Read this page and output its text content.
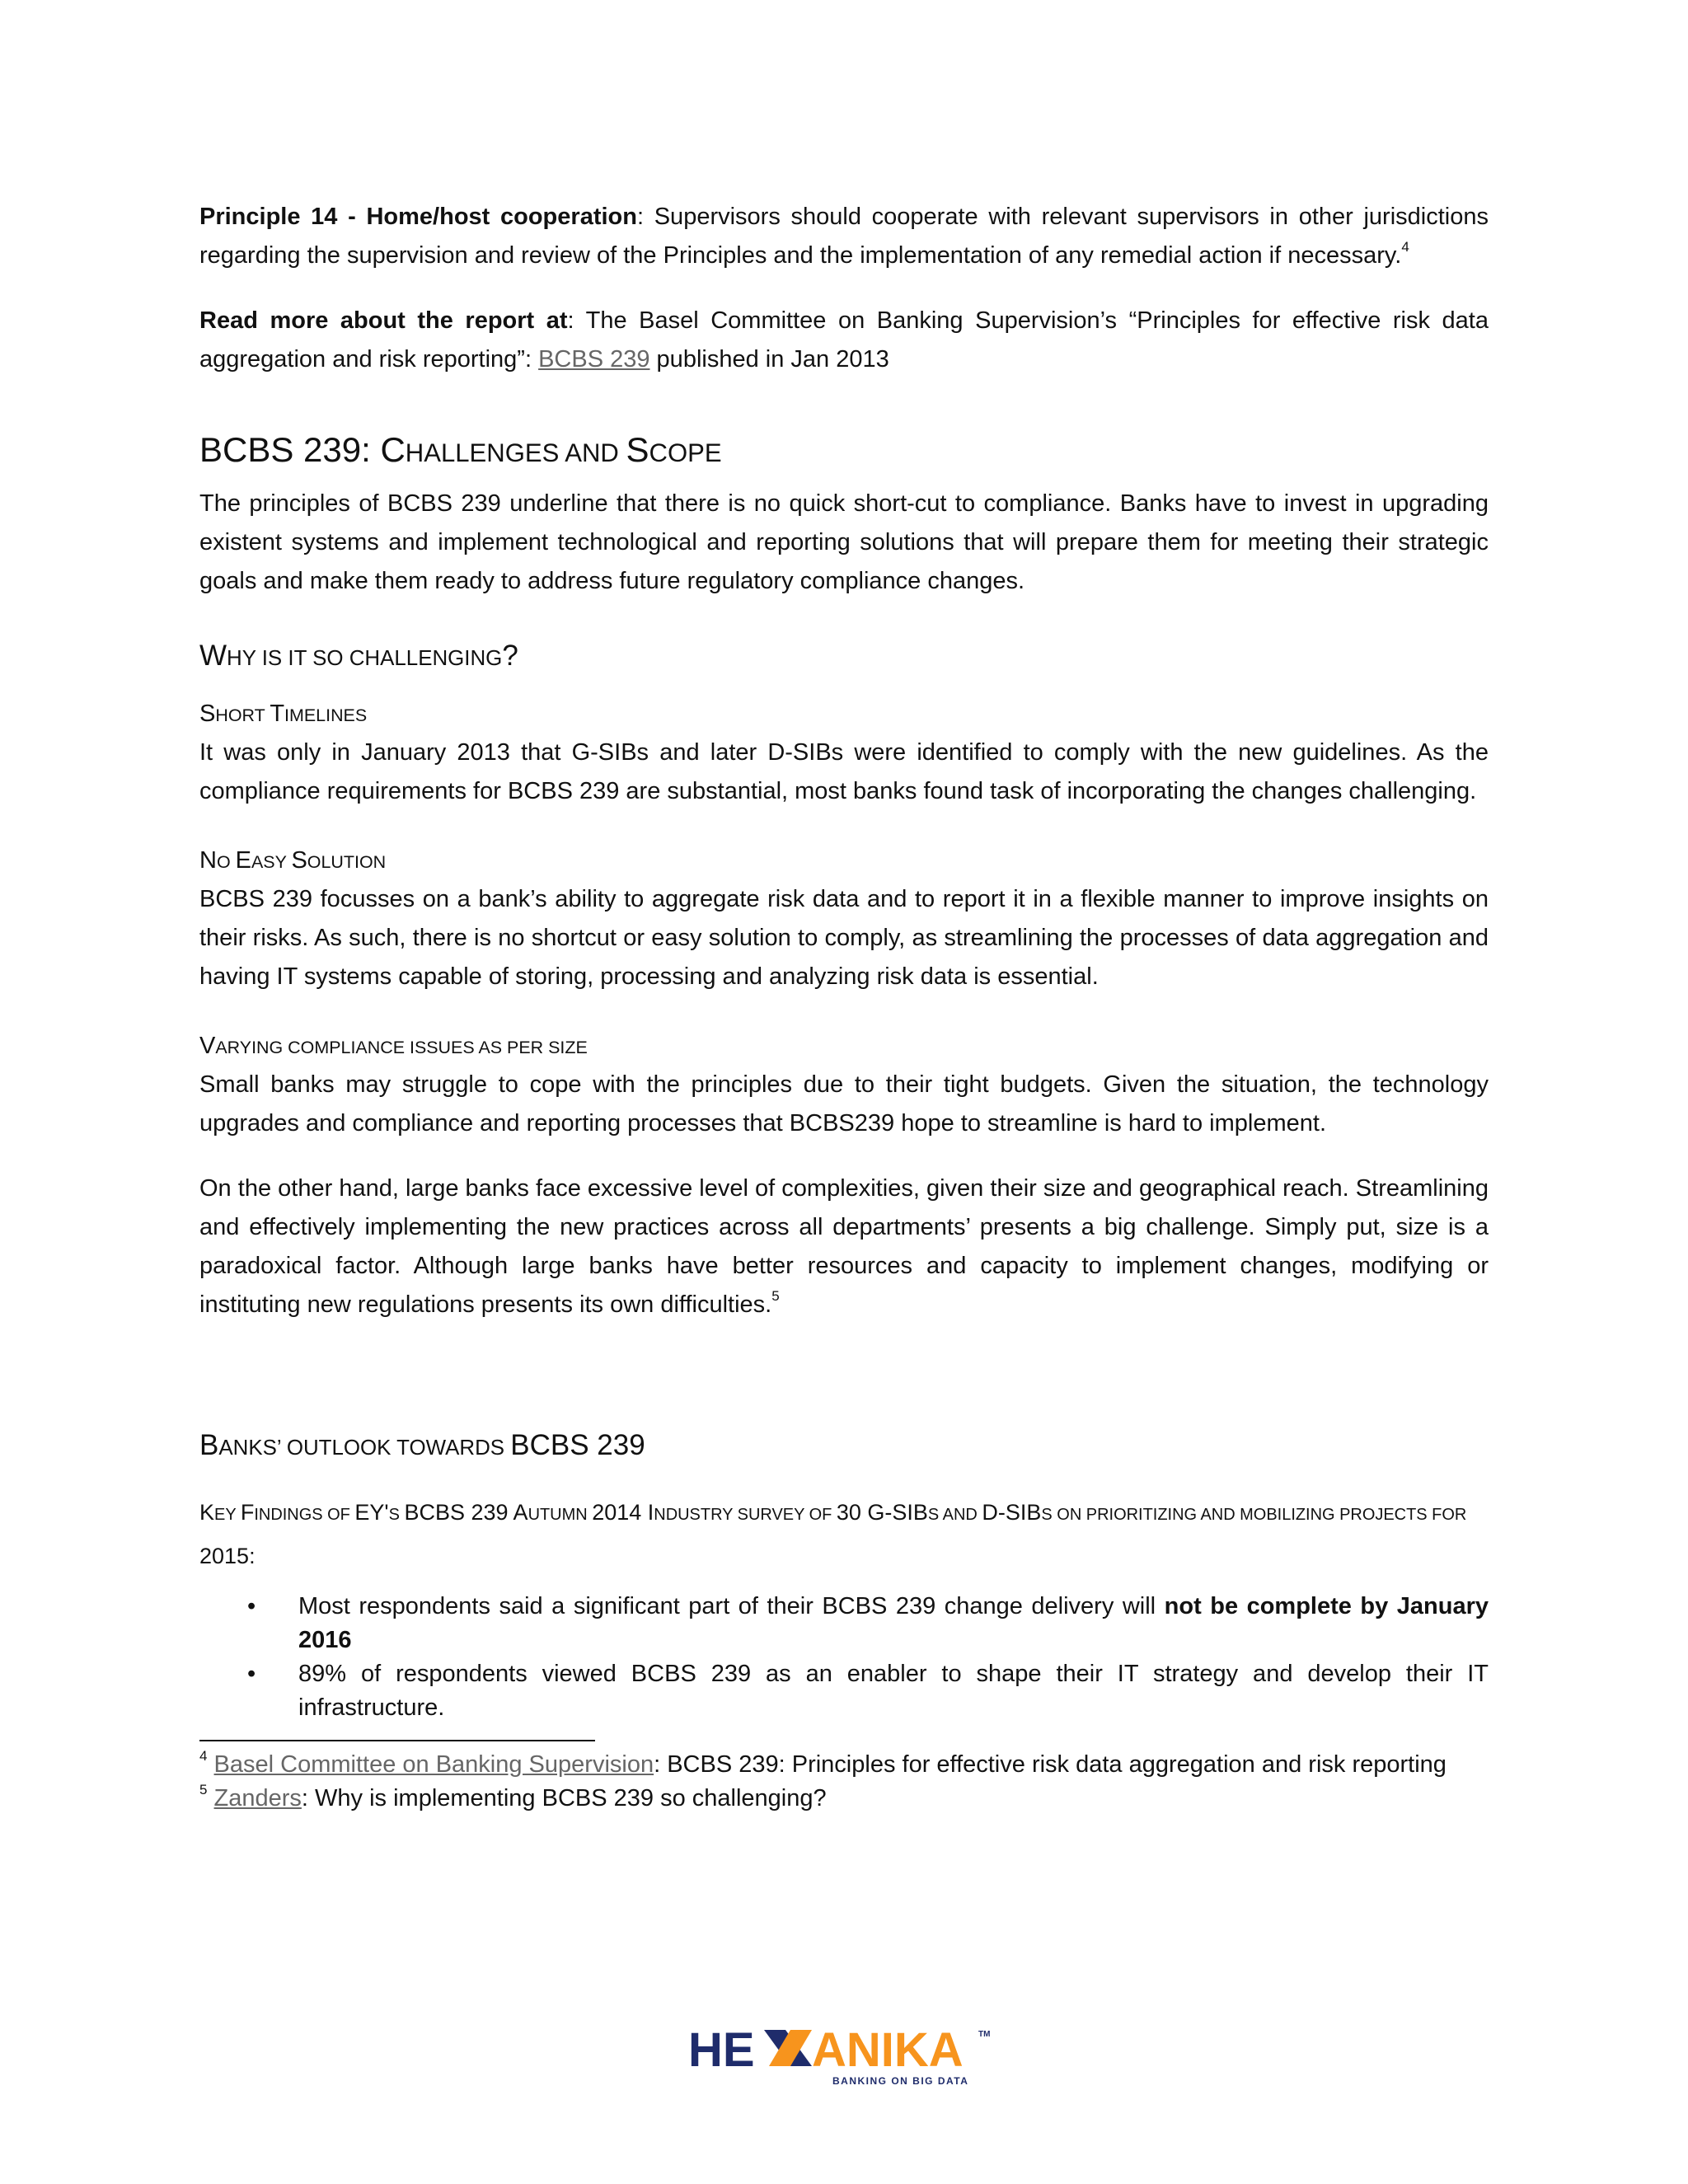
Principle 14 - Home/host cooperation: Supervisors should cooperate with relevant supervisors in other jurisdictions regarding the supervision and review of the Principles and the implementation of any remedial action if necessary.$^4$

Read more about the report at: The Basel Committee on Banking Supervision’s “Principles for effective risk data aggregation and risk reporting”: BCBS 239 published in Jan 2013

BCBS 239: CHALLENGES AND SCOPE

The principles of BCBS 239 underline that there is no quick short-cut to compliance. Banks have to invest in upgrading existent systems and implement technological and reporting solutions that will prepare them for meeting their strategic goals and make them ready to address future regulatory compliance changes.

WHY IS IT SO CHALLENGING?
SHORT TIMELINES

It was only in January 2013 that G-SIBs and later D-SIBs were identified to comply with the new guidelines. As the compliance requirements for BCBS 239 are substantial, most banks found task of incorporating the changes challenging.

NO EASY SOLUTION

BCBS 239 focusses on a bank’s ability to aggregate risk data and to report it in a flexible manner to improve insights on their risks. As such, there is no shortcut or easy solution to comply, as streamlining the processes of data aggregation and having IT systems capable of storing, processing and analyzing risk data is essential.

VARYING COMPLIANCE ISSUES AS PER SIZE

Small banks may struggle to cope with the principles due to their tight budgets. Given the situation, the technology upgrades and compliance and reporting processes that BCBS239 hope to streamline is hard to implement.

On the other hand, large banks face excessive level of complexities, given their size and geographical reach. Streamlining and effectively implementing the new practices across all departments’ presents a big challenge. Simply put, size is a paradoxical factor. Although large banks have better resources and capacity to implement changes, modifying or instituting new regulations presents its own difficulties.$^5$

BANKS’ OUTLOOK TOWARDS BCBS 239
KEY FINDINGS OF EY'S BCBS 239 AUTUMN 2014 INDUSTRY SURVEY OF 30 G-SIBS AND D-SIBS ON PRIORITIZING AND MOBILIZING PROJECTS FOR 2015:
• Most respondents said a significant part of their BCBS 239 change delivery will not be complete by January 2016
• 89% of respondents viewed BCBS 239 as an enabler to shape their IT strategy and develop their IT infrastructure.

$^4$ Basel Committee on Banking Supervision: BCBS 239: Principles for effective risk data aggregation and risk reporting

$^5$ Zanders: Why is implementing BCBS 239 so challenging?

HE ANIKA TM
BANKING ON BIG DATA
